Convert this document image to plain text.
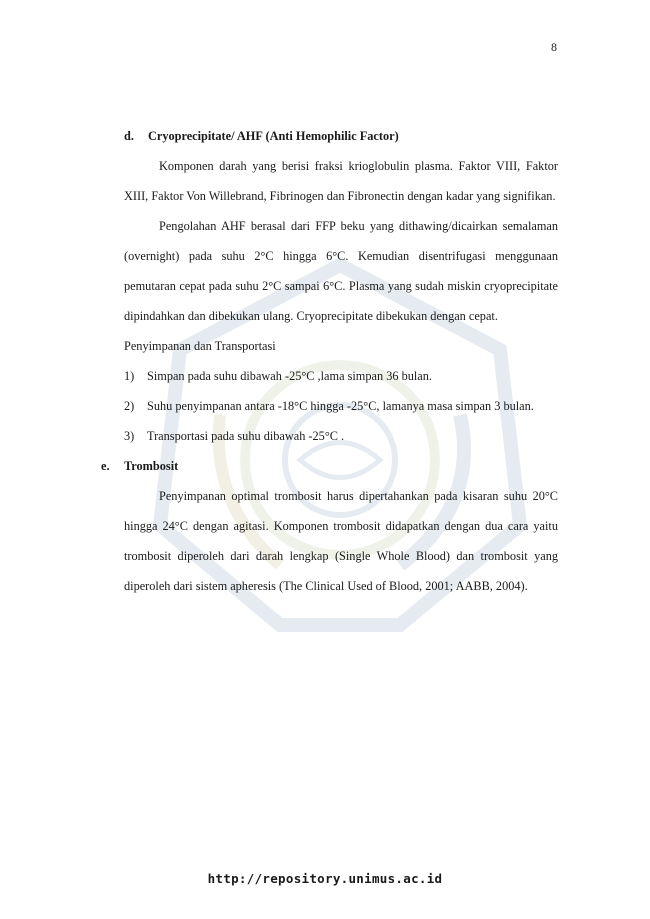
8

d. Cryoprecipitate/ AHF (Anti Hemophilic Factor)

Komponen darah yang berisi fraksi krioglobulin plasma. Faktor VIII, Faktor XIII, Faktor Von Willebrand, Fibrinogen dan Fibronectin dengan kadar yang signifikan.

Pengolahan AHF berasal dari FFP beku yang dithawing/dicairkan semalaman (overnight) pada suhu 2°C hingga 6°C. Kemudian disentrifugasi menggunaan pemutaran cepat pada suhu 2°C sampai 6°C. Plasma yang sudah miskin cryoprecipitate dipindahkan dan dibekukan ulang. Cryoprecipitate dibekukan dengan cepat.

Penyimpanan dan Transportasi

1) Simpan pada suhu dibawah -25°C ,lama simpan 36 bulan.

2) Suhu penyimpanan antara -18°C hingga -25°C, lamanya masa simpan 3 bulan.

3) Transportasi pada suhu dibawah -25°C .

e. Trombosit

Penyimpanan optimal trombosit harus dipertahankan pada kisaran suhu 20°C hingga 24°C dengan agitasi. Komponen trombosit didapatkan dengan dua cara yaitu trombosit diperoleh dari darah lengkap (Single Whole Blood) dan trombosit yang diperoleh dari sistem apheresis (The Clinical Used of Blood, 2001; AABB, 2004).

http://repository.unimus.ac.id
